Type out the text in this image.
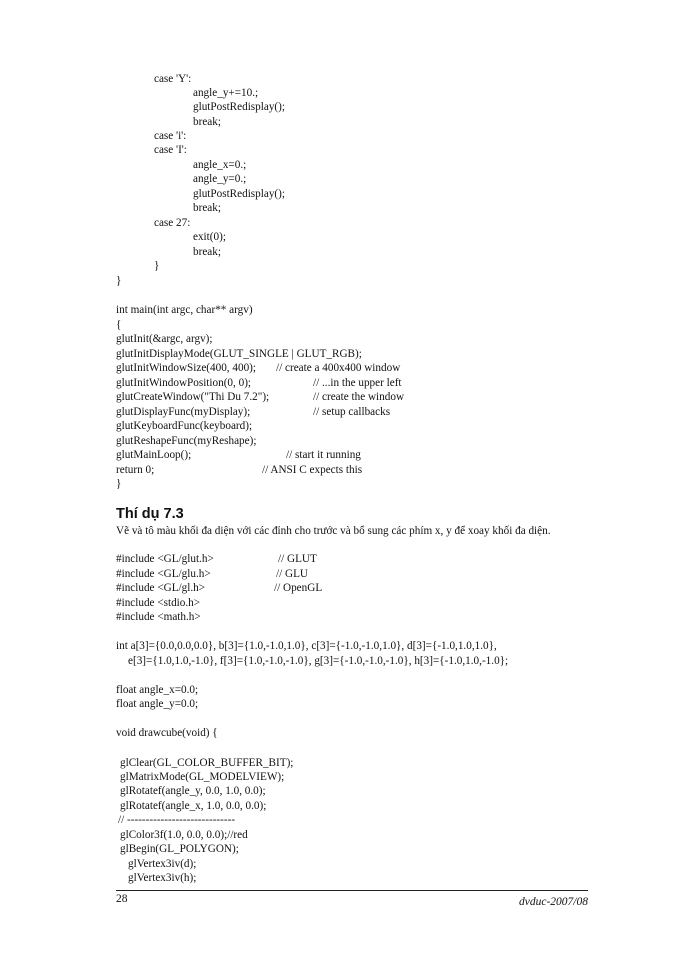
case 'Y':
angle_y+=10.;
glutPostRedisplay();
break;
case 'i':
case 'I':
angle_x=0.;
angle_y=0.;
glutPostRedisplay();
break;
case 27:
exit(0);
break;
}
}
int main(int argc, char** argv)
{
glutInit(&argc, argv);
glutInitDisplayMode(GLUT_SINGLE | GLUT_RGB);
glutInitWindowSize(400, 400); // create a 400x400 window
glutInitWindowPosition(0, 0);	// ...in the upper left
glutCreateWindow("Thi Du 7.2");	// create the window
glutDisplayFunc(myDisplay);	// setup callbacks
glutKeyboardFunc(keyboard);
glutReshapeFunc(myReshape);
glutMainLoop();	// start it running
return 0;	// ANSI C expects this
}
Thí dụ 7.3
Vẽ và tô màu khối đa diện với các đỉnh cho trước và bổ sung các phím x, y để xoay khối đa diện.
#include <GL/glut.h>	// GLUT
#include <GL/glu.h>	// GLU
#include <GL/gl.h>	// OpenGL
#include <stdio.h>
#include <math.h>
int a[3]={0.0,0.0,0.0}, b[3]={1.0,-1.0,1.0}, c[3]={-1.0,-1.0,1.0}, d[3]={-1.0,1.0,1.0},
e[3]={1.0,1.0,-1.0}, f[3]={1.0,-1.0,-1.0}, g[3]={-1.0,-1.0,-1.0}, h[3]={-1.0,1.0,-1.0};
float angle_x=0.0;
float angle_y=0.0;
void drawcube(void) {
glClear(GL_COLOR_BUFFER_BIT);
glMatrixMode(GL_MODELVIEW);
glRotatef(angle_y, 0.0, 1.0, 0.0);
glRotatef(angle_x, 1.0, 0.0, 0.0);
// -----------------------------
glColor3f(1.0, 0.0, 0.0);//red
glBegin(GL_POLYGON);
glVertex3iv(d);
glVertex3iv(h);
28	dvduc-2007/08
